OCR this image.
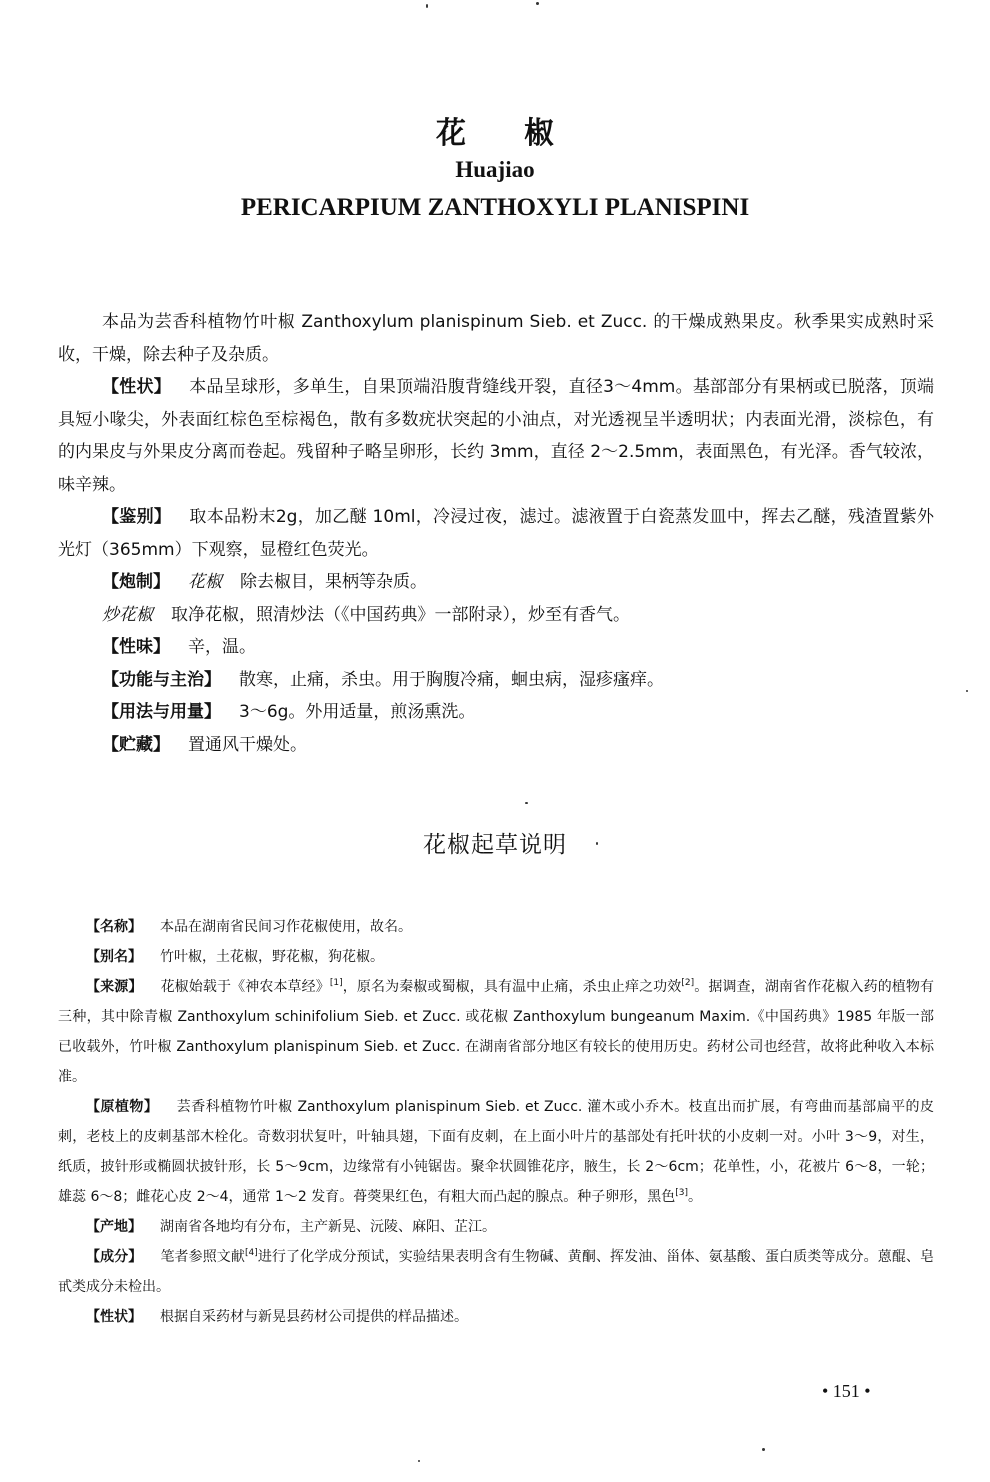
花椒
Huajiao
PERICARPIUM ZANTHOXYLI PLANISPINI

本品为芸香科植物竹叶椒 Zanthoxylum planispinum Sieb. et Zucc. 的干燥成熟果皮。秋季果实成熟时采收，干燥，除去种子及杂质。

【性状】 本品呈球形，多单生，自果顶端沿腹背缝线开裂，直径3～4mm。基部部分有果柄或已脱落，顶端具短小喙尖，外表面红棕色至棕褐色，散有多数疣状突起的小油点，对光透视呈半透明状；内表面光滑，淡棕色，有的内果皮与外果皮分离而卷起。残留种子略呈卵形，长约 3mm，直径 2～2.5mm，表面黑色，有光泽。香气较浓，味辛辣。

【鉴别】 取本品粉末2g，加乙醚 10ml，冷浸过夜，滤过。滤液置于白瓷蒸发皿中，挥去乙醚，残渣置紫外光灯（365mm）下观察，显橙红色荧光。

【炮制】 花椒 除去椒目，果柄等杂质。

炒花椒 取净花椒，照清炒法（《中国药典》一部附录），炒至有香气。

【性味】 辛，温。

【功能与主治】 散寒，止痛，杀虫。用于胸腹冷痛，蛔虫病，湿疹瘙痒。

【用法与用量】 3～6g。外用适量，煎汤熏洗。

【贮藏】 置通风干燥处。

花椒起草说明

【名称】 本品在湖南省民间习作花椒使用，故名。

【别名】 竹叶椒，土花椒，野花椒，狗花椒。

【来源】 花椒始载于《神农本草经》[1]，原名为秦椒或蜀椒，具有温中止痛，杀虫止痒之功效[2]。据调查，湖南省作花椒入药的植物有三种，其中除青椒 Zanthoxylum schinifolium Sieb. et Zucc. 或花椒 Zanthoxylum bungeanum Maxim.《中国药典》1985 年版一部已收载外，竹叶椒 Zanthoxylum planispinum Sieb. et Zucc. 在湖南省部分地区有较长的使用历史。药材公司也经营，故将此种收入本标准。

【原植物】 芸香科植物竹叶椒 Zanthoxylum planispinum Sieb. et Zucc. 灌木或小乔木。枝直出而扩展，有弯曲而基部扁平的皮刺，老枝上的皮刺基部木栓化。奇数羽状复叶，叶轴具翅，下面有皮刺，在上面小叶片的基部处有托叶状的小皮刺一对。小叶 3～9，对生，纸质，披针形或椭圆状披针形，长 5～9cm，边缘常有小钝锯齿。聚伞状圆锥花序，腋生，长 2～6cm；花单性，小，花被片 6～8，一轮；雄蕊 6～8；雌花心皮 2～4，通常 1～2 发育。蓇葖果红色，有粗大而凸起的腺点。种子卵形，黑色[3]。

【产地】 湖南省各地均有分布，主产新晃、沅陵、麻阳、芷江。

【成分】 笔者参照文献[4]进行了化学成分预试，实验结果表明含有生物碱、黄酮、挥发油、甾体、氨基酸、蛋白质类等成分。蒽醌、皂甙类成分未检出。

【性状】 根据自采药材与新晃县药材公司提供的样品描述。

• 151 •
